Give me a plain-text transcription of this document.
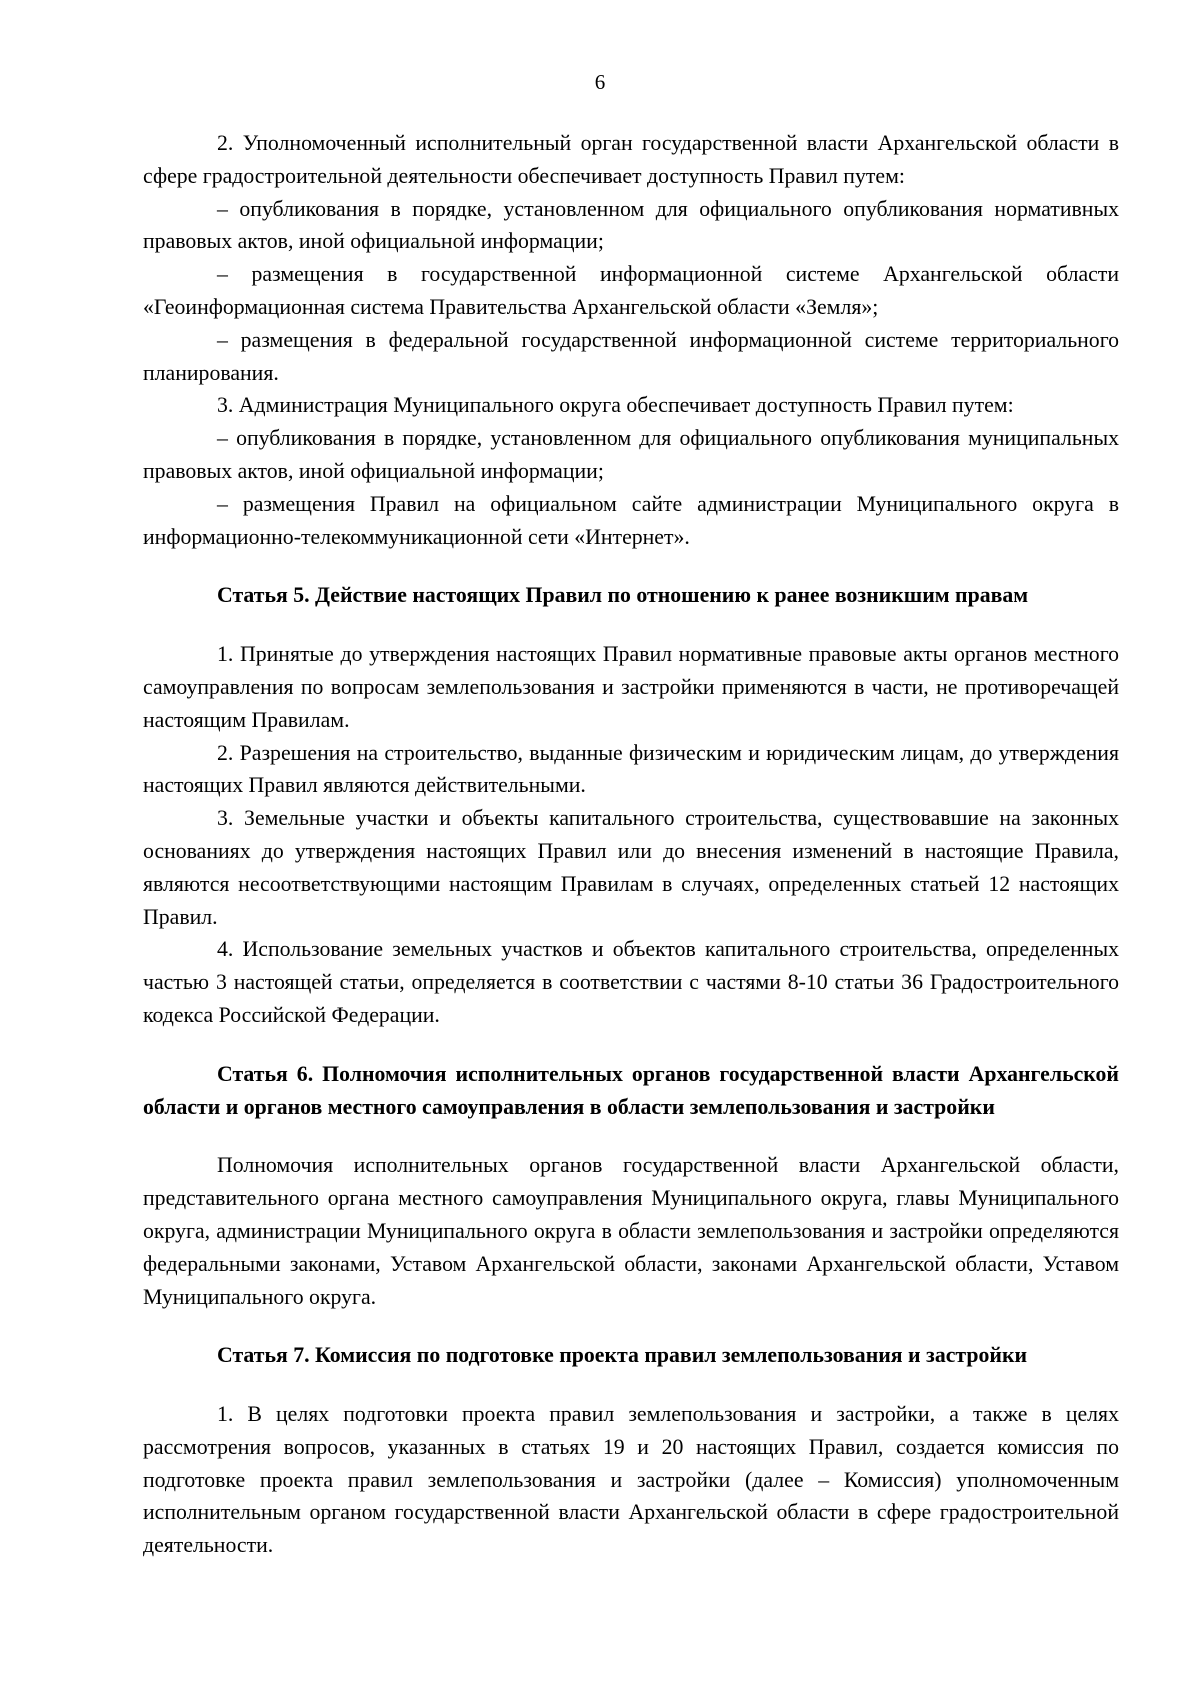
6

2. Уполномоченный исполнительный орган государственной власти Архангельской области в сфере градостроительной деятельности обеспечивает доступность Правил путем:

– опубликования в порядке, установленном для официального опубликования нормативных правовых актов, иной официальной информации;

– размещения в государственной информационной системе Архангельской области «Геоинформационная система Правительства Архангельской области «Земля»;

– размещения в федеральной государственной информационной системе территориального планирования.

3. Администрация Муниципального округа обеспечивает доступность Правил путем:

– опубликования в порядке, установленном для официального опубликования муниципальных правовых актов, иной официальной информации;

– размещения Правил на официальном сайте администрации Муниципального округа в информационно-телекоммуникационной сети «Интернет».

Статья 5. Действие настоящих Правил по отношению к ранее возникшим правам

1. Принятые до утверждения настоящих Правил нормативные правовые акты органов местного самоуправления по вопросам землепользования и застройки применяются в части, не противоречащей настоящим Правилам.

2. Разрешения на строительство, выданные физическим и юридическим лицам, до утверждения настоящих Правил являются действительными.

3. Земельные участки и объекты капитального строительства, существовавшие на законных основаниях до утверждения настоящих Правил или до внесения изменений в настоящие Правила, являются несоответствующими настоящим Правилам в случаях, определенных статьей 12 настоящих Правил.

4. Использование земельных участков и объектов капитального строительства, определенных частью 3 настоящей статьи, определяется в соответствии с частями 8-10 статьи 36 Градостроительного кодекса Российской Федерации.

Статья 6. Полномочия исполнительных органов государственной власти Архангельской области и органов местного самоуправления в области землепользования и застройки

Полномочия исполнительных органов государственной власти Архангельской области, представительного органа местного самоуправления Муниципального округа, главы Муниципального округа, администрации Муниципального округа в области землепользования и застройки определяются федеральными законами, Уставом Архангельской области, законами Архангельской области, Уставом Муниципального округа.

Статья 7. Комиссия по подготовке проекта правил землепользования и застройки

1. В целях подготовки проекта правил землепользования и застройки, а также в целях рассмотрения вопросов, указанных в статьях 19 и 20 настоящих Правил, создается комиссия по подготовке проекта правил землепользования и застройки (далее – Комиссия) уполномоченным исполнительным органом государственной власти Архангельской области в сфере градостроительной деятельности.
